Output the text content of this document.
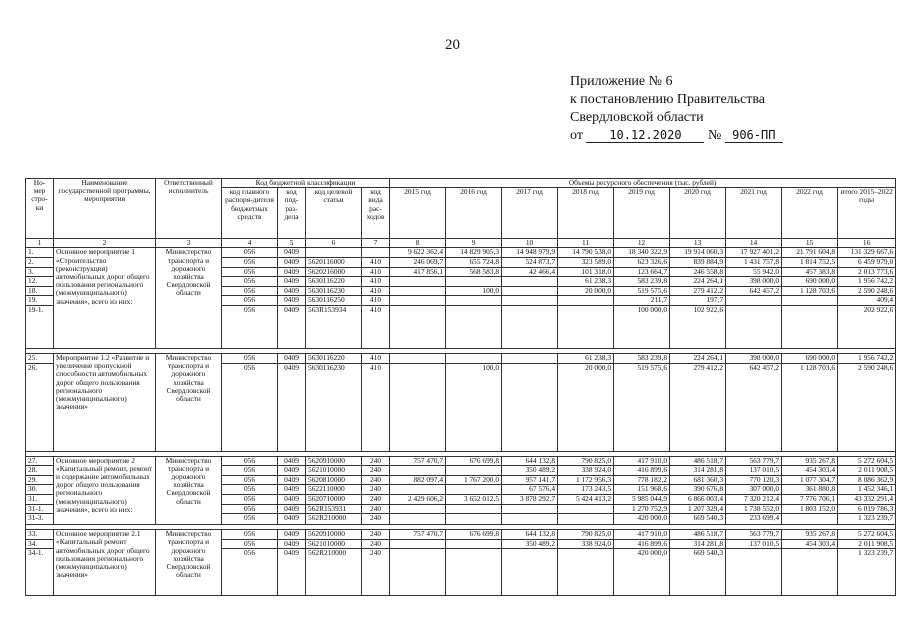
20
Приложение № 6
к постановлению Правительства
Свердловской области
от 10.12.2020 № 906-ПП
Но-мер стро-ки	Наименование государственной программы, мероприятия	Ответственный исполнитель	Код бюджетной классификации				Объемы ресурсного обеспечения (тыс. рублей)								
			код главного распоря-дителя бюджетных средств	код под-раз-дела	код целевой статьи	код вида рас-ходов	2015 год	2016 год	2017 год	2018 год	2019 год	2020 год	2021 год	2022 год	итого 2015–2022 годы
1	2	3	4	5	6	7	8	9	10	11	12	13	14	15	16
1.	Основное мероприятие 1 «Строительство (реконструкция) автомобильных дорог общего пользования регионального (межмуниципального) значения», всего из них:	Министерство транспорта и дорожного хозяйства Свердловской области	056	0409			9 622 362,4	14 829 905,3	14 948 979,9	14 790 538,0	18 340 322,9	19 914 060,3	17 927 401,2	21 791 604,8	131 329 667,6
2.			056	0409	5620116000	410	246 069,7	655 724,8	524 873,7	323 589,0	623 326,6	839 884,9	1 431 757,8	1 814 752,5	6 459 979,0
3.			056	0409	5620216000	410	417 856,1	568 583,8	42 466,4	101 318,0	123 664,7	246 558,8	55 942,0	457 383,8	2 013 773,6
12.			056	0409	5630116220	410				61 238,3	583 239,8	224 264,1	398 000,0	690 000,0	1 956 742,2
18.			056	0409	5630116230	410		100,0		20 000,0	519 575,6	279 412,2	642 457,2	1 128 703,6	2 590 248,6
19.			056	0409	5630116250	410					211,7	197,7			409,4
19-1.			056	0409	563R153934	410					100 000,0	102 922,6			202 922,6

25.	Мероприятие 1.2 «Развитие и увеличение пропускной способности автомобильных дорог общего пользования регионального (межмуниципального) значения»	Министерство транспорта и дорожного хозяйства Свердловской области	056	0409	5630116220	410				61 238,3	583 239,8	224 264,1	398 000,0	690 000,0	1 956 742,2
26.			056	0409	5630116230	410		100,0		20 000,0	519 575,6	279 412,2	642 457,2	1 128 703,6	2 590 248,6

27.	Основное мероприятие 2 «Капитальный ремонт, ремонт и содержание автомобильных дорог общего пользования регионального (межмуниципального) значения», всего из них:	Министерство транспорта и дорожного хозяйства Свердловской области	056	0409	5620910000	240	757 470,7	676 699,8	644 132,8	790 825,0	417 910,0	486 518,7	563 779,7	935 267,8	5 272 604,5
28.			056	0409	5621010000	240			350 489,2	338 924,0	416 899,6	314 281,8	137 010,5	454 303,4	2 011 908,5
29.			056	0409	5620810000	240	882 097,4	1 767 200,0	957 141,7	1 172 956,3	778 182,2	681 360,3	770 120,3	1 077 304,7	8 086 362,9
30.			056	0409	5622110000	240			67 576,4	173 243,5	151 968,6	390 676,8	307 000,0	361 880,8	1 452 346,1
31.			056	0409	5620710000	240	2 429 606,2	3 652 012,5	3 878 292,7	5 424 413,2	5 985 044,9	6 866 003,4	7 320 212,4	7 776 706,1	43 332 291,4
31-1.			056	0409	562R153931	240					1 270 752,9	1 207 329,4	1 738 552,0	1 803 152,0	6 019 786,3
31-3.			056	0409	562R210000	240					420 000,0	669 540,3	233 699,4		1 323 239,7

33.	Основное мероприятие 2.1 «Капитальный ремонт автомобильных дорог общего пользования регионального (межмуниципального) значения»	Министерство транспорта и дорожного хозяйства Свердловской области	056	0409	5620910000	240	757 470,7	676 699,8	644 132,8	790 825,0	417 910,0	486 518,7	563 779,7	935 267,8	5 272 604,5
34.			056	0409	5621010000	240			350 489,2	338 924,0	416 899,6	314 281,8	137 010,5	454 303,4	2 011 908,5
34-1.			056	0409	562R210000	240					420 000,0	669 540,3			1 323 239,7
